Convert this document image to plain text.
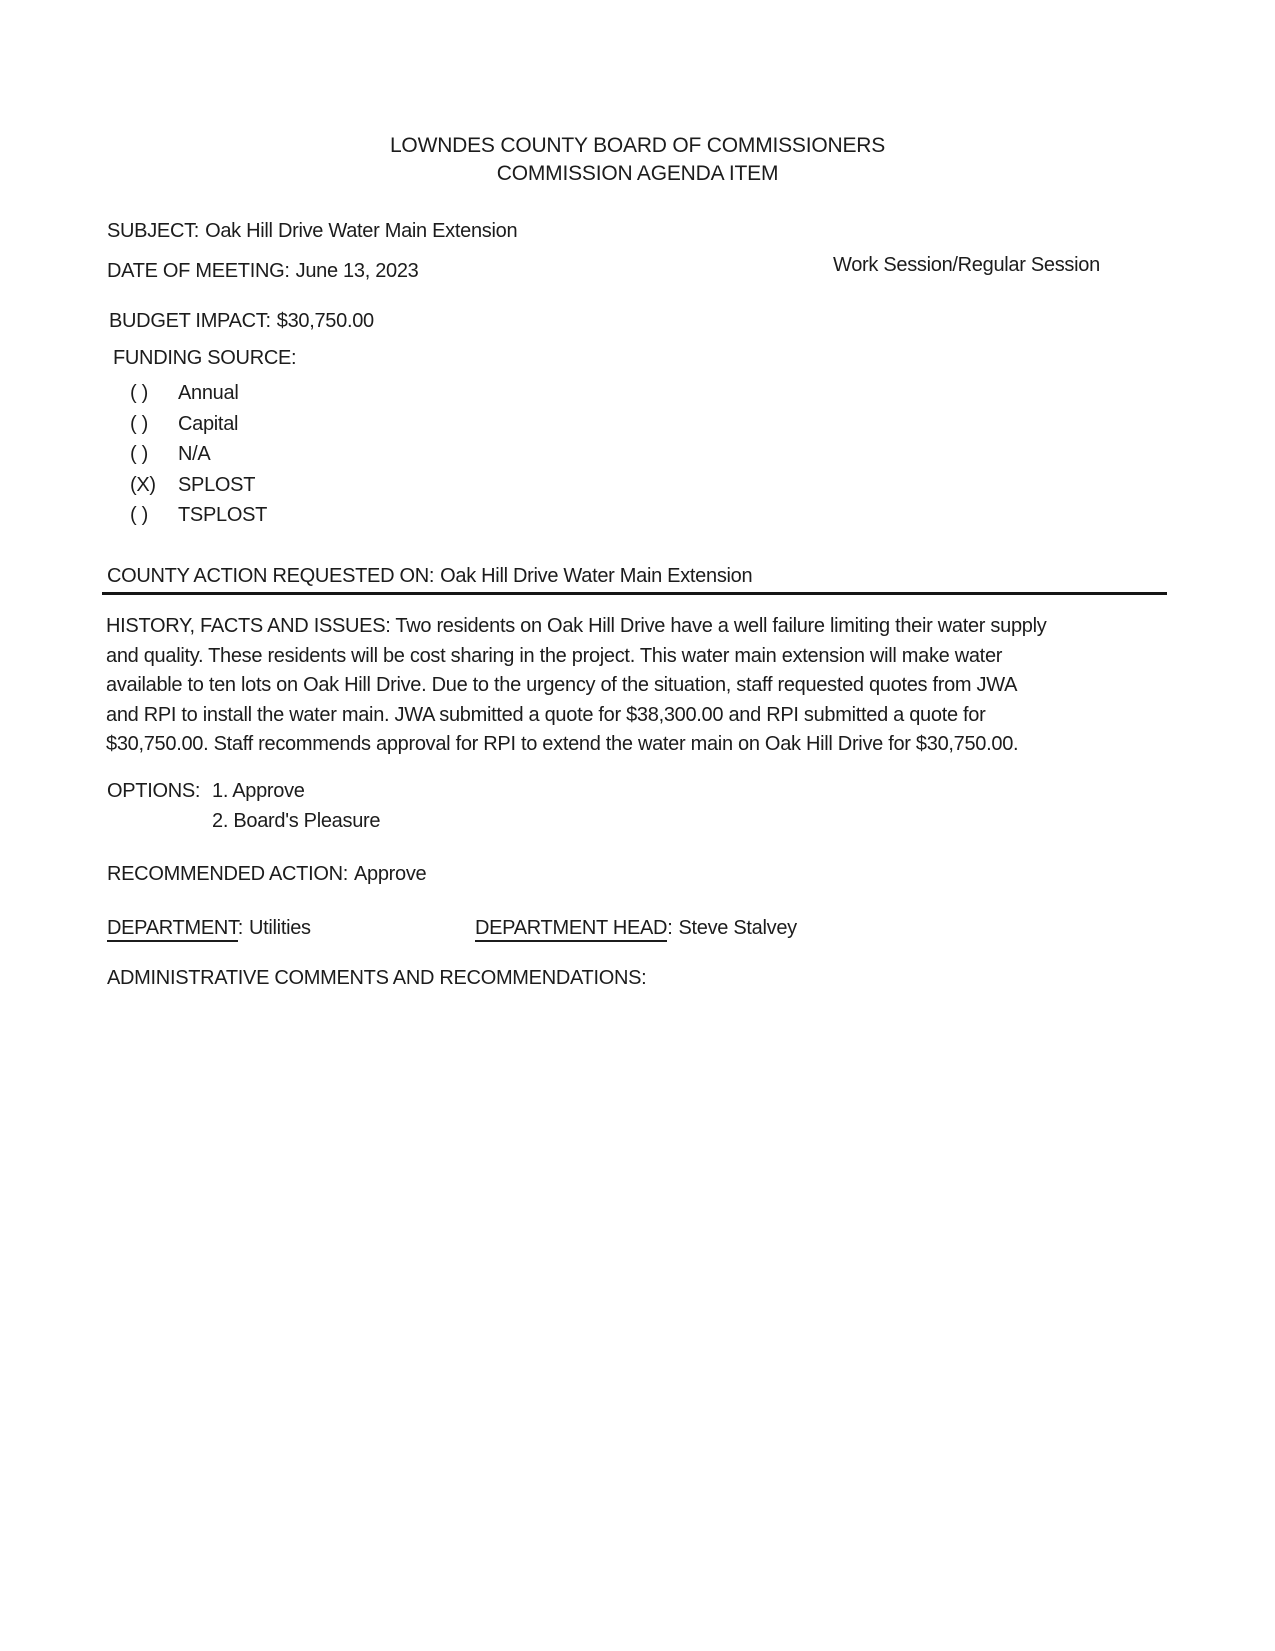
LOWNDES COUNTY BOARD OF COMMISSIONERS
COMMISSION AGENDA ITEM
SUBJECT: Oak Hill Drive Water Main Extension
DATE OF MEETING: June 13, 2023	Work Session/Regular Session
BUDGET IMPACT: $30,750.00
FUNDING SOURCE:
( ) Annual
( ) Capital
( ) N/A
(X) SPLOST
( ) TSPLOST
COUNTY ACTION REQUESTED ON: Oak Hill Drive Water Main Extension
HISTORY, FACTS AND ISSUES: Two residents on Oak Hill Drive have a well failure limiting their water supply
and quality. These residents will be cost sharing in the project. This water main extension will make water
available to ten lots on Oak Hill Drive. Due to the urgency of the situation, staff requested quotes from JWA
and RPI to install the water main. JWA submitted a quote for $38,300.00 and RPI submitted a quote for
$30,750.00. Staff recommends approval for RPI to extend the water main on Oak Hill Drive for $30,750.00.
OPTIONS: 1. Approve
2. Board's Pleasure
RECOMMENDED ACTION: Approve
DEPARTMENT: Utilities	DEPARTMENT HEAD: Steve Stalvey
ADMINISTRATIVE COMMENTS AND RECOMMENDATIONS:
